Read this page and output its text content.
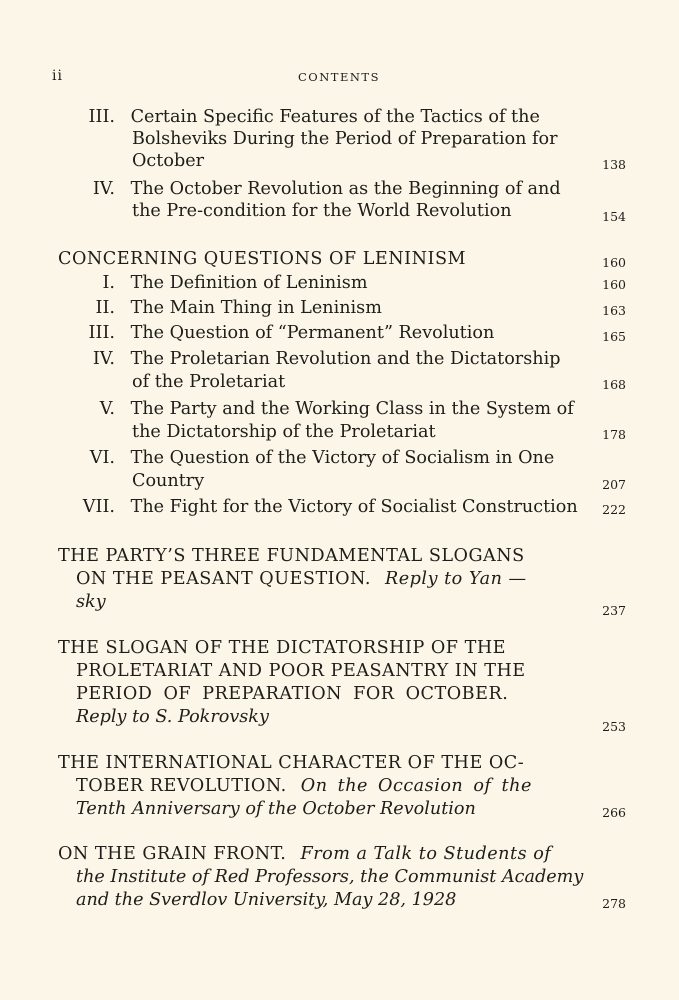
ii	CONTENTS
III. Certain Specific Features of the Tactics of the
Bolsheviks During the Period of Preparation for
October	138
IV. The October Revolution as the Beginning of and
the Pre-condition for the World Revolution	154
CONCERNING QUESTIONS OF LENINISM	160
I. The Definition of Leninism	160
II. The Main Thing in Leninism	163
III. The Question of “Permanent” Revolution	165
IV. The Proletarian Revolution and the Dictatorship
of the Proletariat	168
V. The Party and the Working Class in the System of
the Dictatorship of the Proletariat	178
VI. The Question of the Victory of Socialism in One
Country	207
VII. The Fight for the Victory of Socialist Construction	222
THE PARTY’S THREE FUNDAMENTAL SLOGANS
ON THE PEASANT QUESTION. Reply to Yan —
sky	237
THE SLOGAN OF THE DICTATORSHIP OF THE
PROLETARIAT AND POOR PEASANTRY IN THE
PERIOD OF PREPARATION FOR OCTOBER.
Reply to S. Pokrovsky	253
THE INTERNATIONAL CHARACTER OF THE OC-
TOBER REVOLUTION. On the Occasion of the
Tenth Anniversary of the October Revolution	266
ON THE GRAIN FRONT. From a Talk to Students of
the Institute of Red Professors, the Communist Academy
and the Sverdlov University, May 28, 1928	278
